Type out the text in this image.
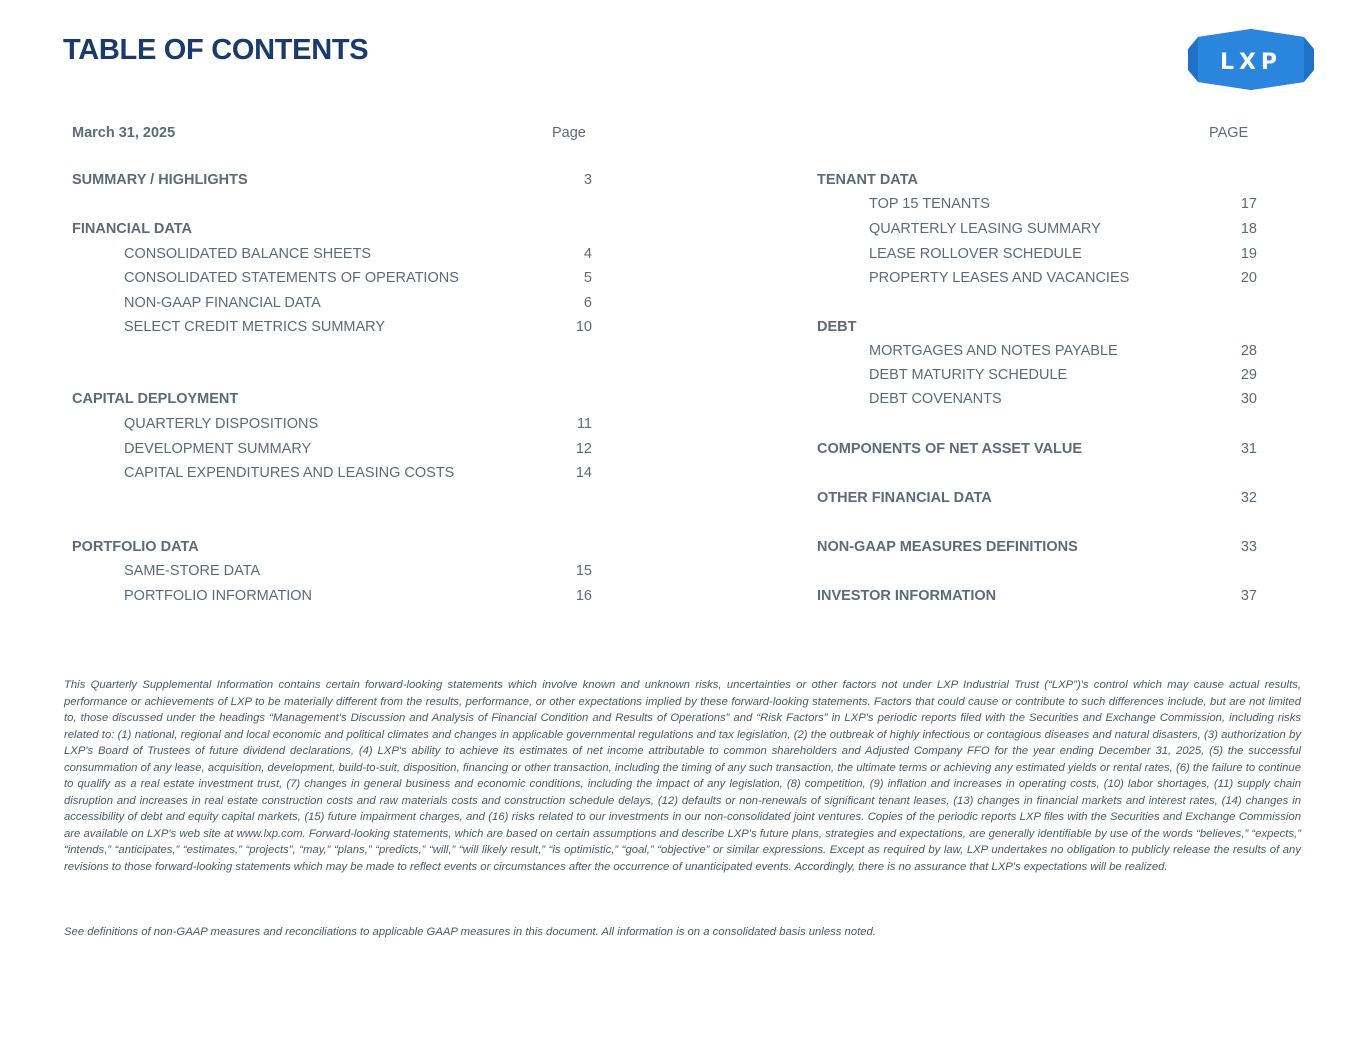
TABLE OF CONTENTS	LXP
March 31, 2025	Page	PAGE
SUMMARY / HIGHLIGHTS	3
FINANCIAL DATA
CONSOLIDATED BALANCE SHEETS	4
CONSOLIDATED STATEMENTS OF OPERATIONS	5
NON-GAAP FINANCIAL DATA	6
SELECT CREDIT METRICS SUMMARY	10
CAPITAL DEPLOYMENT
QUARTERLY DISPOSITIONS	11
DEVELOPMENT SUMMARY	12
CAPITAL EXPENDITURES AND LEASING COSTS	14
PORTFOLIO DATA
SAME-STORE DATA	15
PORTFOLIO INFORMATION	16
TENANT DATA
TOP 15 TENANTS	17
QUARTERLY LEASING SUMMARY	18
LEASE ROLLOVER SCHEDULE	19
PROPERTY LEASES AND VACANCIES	20
DEBT
MORTGAGES AND NOTES PAYABLE	28
DEBT MATURITY SCHEDULE	29
DEBT COVENANTS	30
COMPONENTS OF NET ASSET VALUE	31
OTHER FINANCIAL DATA	32
NON-GAAP MEASURES DEFINITIONS	33
INVESTOR INFORMATION	37

This Quarterly Supplemental Information contains certain forward-looking statements which involve known and unknown risks, uncertainties or other factors not under LXP Industrial Trust (“LXP”)'s control which may cause actual results, performance or achievements of LXP to be materially different from the results, performance, or other expectations implied by these forward-looking statements. Factors that could cause or contribute to such differences include, but are not limited to, those discussed under the headings “Management's Discussion and Analysis of Financial Condition and Results of Operations” and “Risk Factors” in LXP's periodic reports filed with the Securities and Exchange Commission, including risks related to: (1) national, regional and local economic and political climates and changes in applicable governmental regulations and tax legislation, (2) the outbreak of highly infectious or contagious diseases and natural disasters, (3) authorization by LXP's Board of Trustees of future dividend declarations, (4) LXP's ability to achieve its estimates of net income attributable to common shareholders and Adjusted Company FFO for the year ending December 31, 2025, (5) the successful consummation of any lease, acquisition, development, build-to-suit, disposition, financing or other transaction, including the timing of any such transaction, the ultimate terms or achieving any estimated yields or rental rates, (6) the failure to continue to qualify as a real estate investment trust, (7) changes in general business and economic conditions, including the impact of any legislation, (8) competition, (9) inflation and increases in operating costs, (10) labor shortages, (11) supply chain disruption and increases in real estate construction costs and raw materials costs and construction schedule delays, (12) defaults or non-renewals of significant tenant leases, (13) changes in financial markets and interest rates, (14) changes in accessibility of debt and equity capital markets, (15) future impairment charges, and (16) risks related to our investments in our non-consolidated joint ventures. Copies of the periodic reports LXP files with the Securities and Exchange Commission are available on LXP's web site at www.lxp.com. Forward-looking statements, which are based on certain assumptions and describe LXP's future plans, strategies and expectations, are generally identifiable by use of the words “believes,” “expects,” “intends,” “anticipates,” “estimates,” “projects”, “may,” “plans,” “predicts,” “will,” “will likely result,” “is optimistic,” “goal,” “objective” or similar expressions. Except as required by law, LXP undertakes no obligation to publicly release the results of any revisions to those forward-looking statements which may be made to reflect events or circumstances after the occurrence of unanticipated events. Accordingly, there is no assurance that LXP's expectations will be realized.

See definitions of non-GAAP measures and reconciliations to applicable GAAP measures in this document. All information is on a consolidated basis unless noted.
